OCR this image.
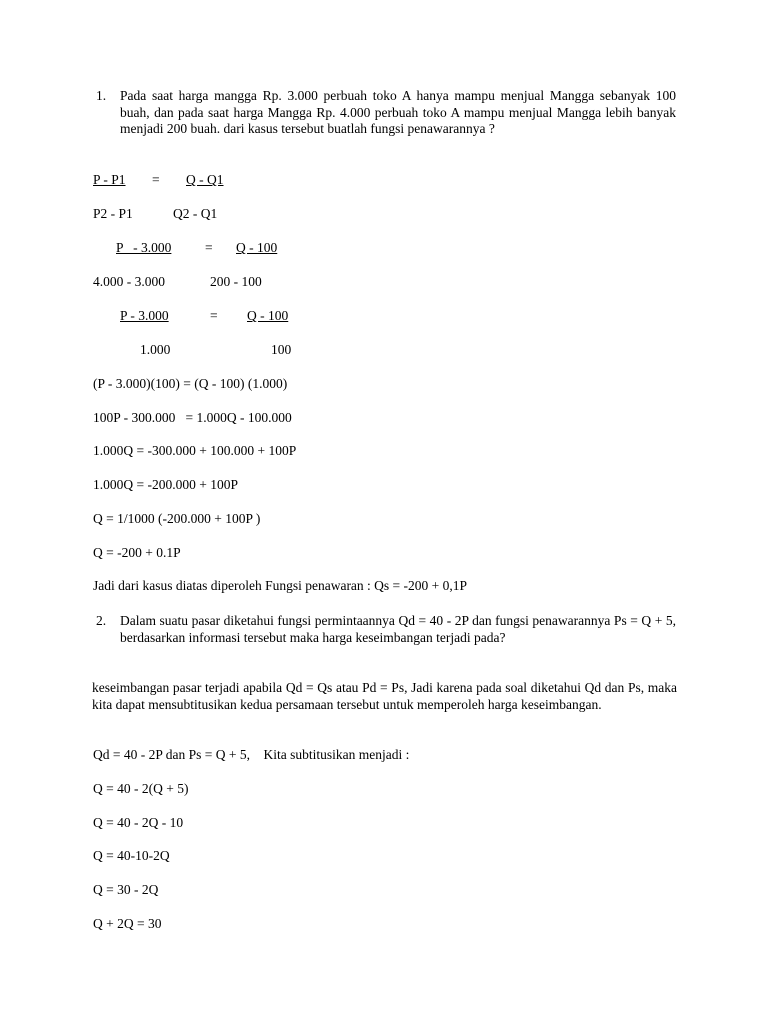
1. Pada saat harga mangga Rp. 3.000 perbuah toko A hanya mampu menjual Mangga sebanyak 100 buah, dan pada saat harga Mangga Rp. 4.000 perbuah toko A mampu menjual Mangga lebih banyak menjadi 200 buah. dari kasus tersebut buatlah fungsi penawarannya ?
P - P1 = Q - Q1
P2 - P1	Q2 - Q1
P   - 3.000 = Q - 100
4.000 - 3.000	200 - 100
P - 3.000	= Q - 100
1.000	100
(P - 3.000)(100) = (Q - 100) (1.000)
100P - 300.000   = 1.000Q - 100.000
1.000Q = -300.000 + 100.000 + 100P
1.000Q = -200.000 + 100P
Q = 1/1000 (-200.000 + 100P )
Q = -200 + 0.1P
Jadi dari kasus diatas diperoleh Fungsi penawaran : Qs = -200 + 0,1P
2. Dalam suatu pasar diketahui fungsi permintaannya Qd = 40 - 2P dan fungsi penawarannya Ps = Q + 5, berdasarkan informasi tersebut maka harga keseimbangan terjadi pada?
keseimbangan pasar terjadi apabila Qd = Qs atau Pd = Ps, Jadi karena pada soal diketahui Qd dan Ps, maka kita dapat mensubtitusikan kedua persamaan tersebut untuk memperoleh harga keseimbangan.
Qd = 40 - 2P dan Ps = Q + 5,    Kita subtitusikan menjadi :
Q = 40 - 2(Q + 5)
Q = 40 - 2Q - 10
Q = 40-10-2Q
Q = 30 - 2Q
Q + 2Q = 30
